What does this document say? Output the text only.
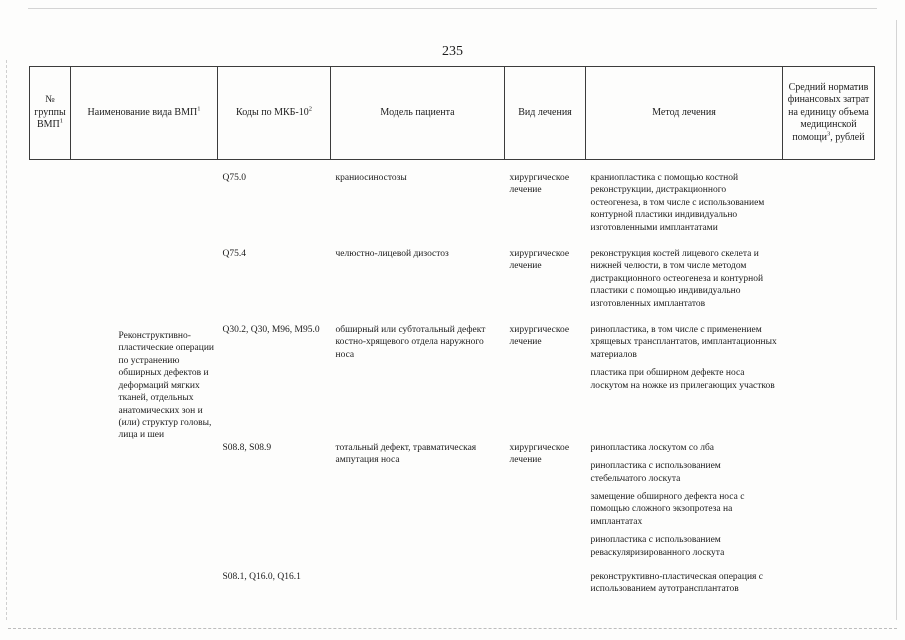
235
№ группы ВМП$^1$	Наименование вида ВМП$^1$	Коды по МКБ-$10^2$	Модель пациента	Вид лечения	Метод лечения	Средний норматив финансовых затрат на единицу объема медицинской помощи$^3$, рублей
		Q75.0	краниосиностозы	хирургическое лечение	краниопластика с помощью костной реконструкции, дистракционного остеогенеза, в том числе с использованием контурной пластики индивидуально изготовленными имплантатами	

		Q75.4	челюстно-лицевой дизостоз	хирургическое лечение	реконструкция костей лицевого скелета и нижней челюсти, в том числе методом дистракционного остеогенеза и контурной пластики с помощью индивидуально изготовленных имплантатов	

	Реконструктивно-пластические операции по устранению обширных дефектов и деформаций мягких тканей, отдельных анатомических зон и (или) структур головы, лица и шеи	Q30.2, Q30, M96, M95.0	обширный или субтотальный дефект костно-хрящевого отдела наружного носа	хирургическое лечение	ринопластика, в том числе с применением хрящевых трансплантатов, имплантационных материалов
пластика при обширном дефекте носа лоскутом на ножке из прилегающих участков	

		S08.8, S08.9	тотальный дефект, травматическая ампутация носа	хирургическое лечение	ринопластика лоскутом со лба
ринопластика с использованием стебельчатого лоскута
замещение обширного дефекта носа с помощью сложного экзопротеза на имплантатах
ринопластика с использованием реваскуляризированного лоскута	

		S08.1, Q16.0, Q16.1			реконструктивно-пластическая операция с использованием аутотрансплантатов	
